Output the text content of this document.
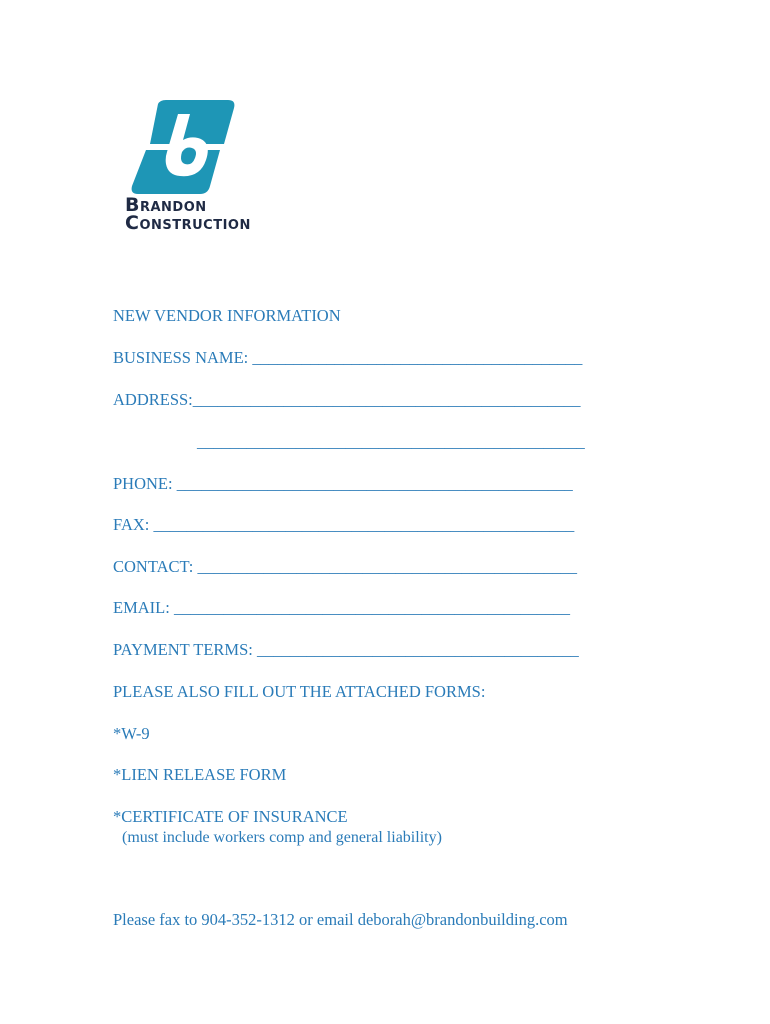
Brandon
Construction
NEW VENDOR INFORMATION
BUSINESS NAME: ________________________________________
ADDRESS:_______________________________________________
_______________________________________________
PHONE: ________________________________________________
FAX: ___________________________________________________
CONTACT: ______________________________________________
EMAIL: ________________________________________________
PAYMENT TERMS: _______________________________________
PLEASE ALSO FILL OUT THE ATTACHED FORMS:
*W-9
*LIEN RELEASE FORM
*CERTIFICATE OF INSURANCE
(must include workers comp and general liability)
Please fax to 904-352-1312 or email deborah@brandonbuilding.com
